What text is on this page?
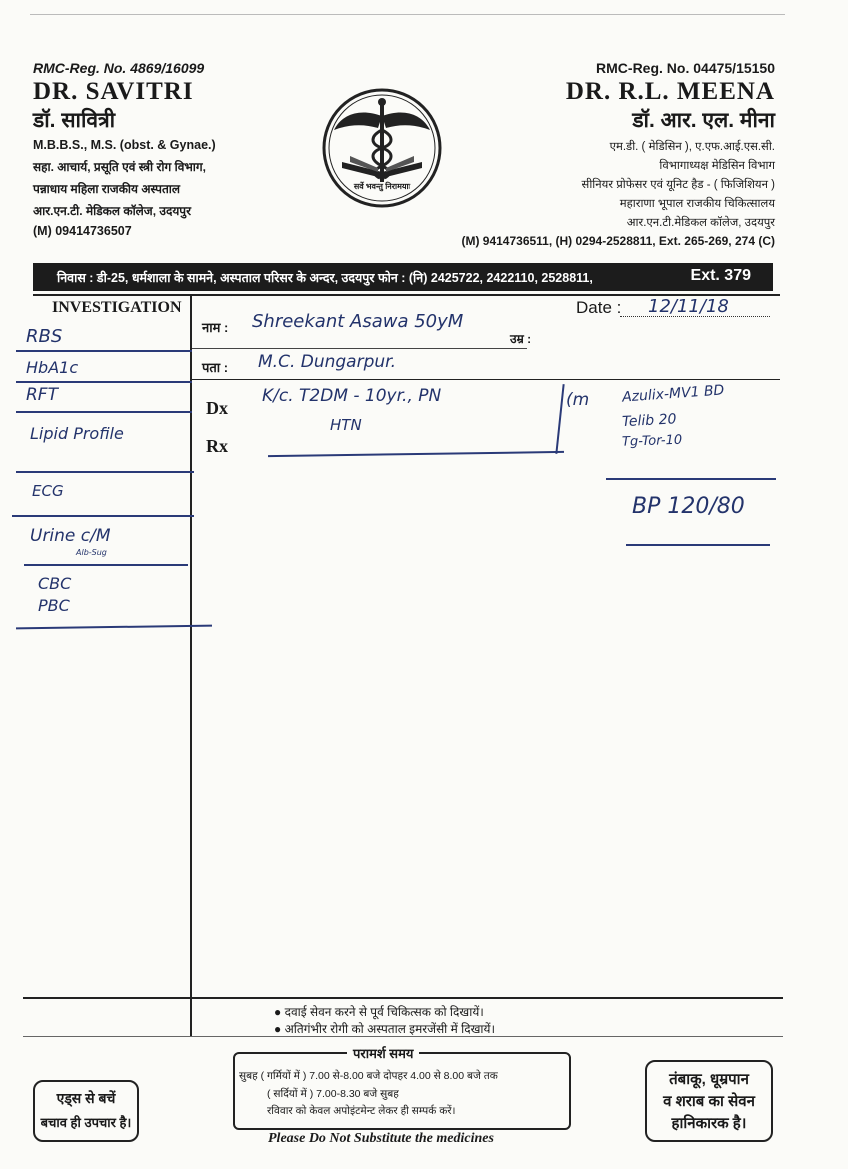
RMC-Reg. No. 4869/16099
DR. SAVITRI
डॉ. सावित्री
M.B.B.S., M.S. (obst. & Gynae.)
सहा. आचार्य, प्रसूति एवं स्त्री रोग विभाग,
पन्नाधाय महिला राजकीय अस्पताल
आर.एन.टी. मेडिकल कॉलेज, उदयपुर
(M) 09414736507
सर्वे भवन्तु निरामयाः
RMC-Reg. No. 04475/15150
DR. R.L. MEENA
डॉ. आर. एल. मीना
एम.डी. ( मेडिसिन ), ए.एफ.आई.एस.सी.
विभागाध्यक्ष मेडिसिन विभाग
सीनियर प्रोफेसर एवं यूनिट हैड - ( फिजिशियन )
महाराणा भूपाल राजकीय चिकित्सालय
आर.एन.टी.मेडिकल कॉलेज, उदयपुर
(M) 9414736511, (H) 0294-2528811, Ext. 265-269, 274 (C)
निवास : डी-25, धर्मशाला के सामने, अस्पताल परिसर के अन्दर, उदयपुर फोन : (नि) 2425722, 2422110, 2528811,	Ext. 379
INVESTIGATION
नाम :
उम्र :
पता :
Date :
Dx
Rx
12/11/18
Shreekant Asawa 50yM
M.C. Dungarpur.
K/c. T2DM - 10yr., PN
HTN
(m Azulix-MV1 BD
Telib 20
Tg-Tor-10
BP 120/80
RBS
HbA1c
RFT
Lipid Profile
ECG
Urine c/M
Alb-Sug
CBC
PBC
● दवाई सेवन करने से पूर्व चिकित्सक को दिखायें।
● अतिगंभीर रोगी को अस्पताल इमरजेंसी में दिखायें।
परामर्श समय
सुबह ( गर्मियों में ) 7.00 से-8.00 बजे दोपहर 4.00 से 8.00 बजे तक
( सर्दियों में ) 7.00-8.30 बजे सुबह
रविवार को केवल अपोइंटमेन्ट लेकर ही सम्पर्क करें।
एड्स से बचें
बचाव ही उपचार है।
तंबाकू, धूम्रपान
व शराब का सेवन
हानिकारक है।
Please Do Not Substitute the medicines
